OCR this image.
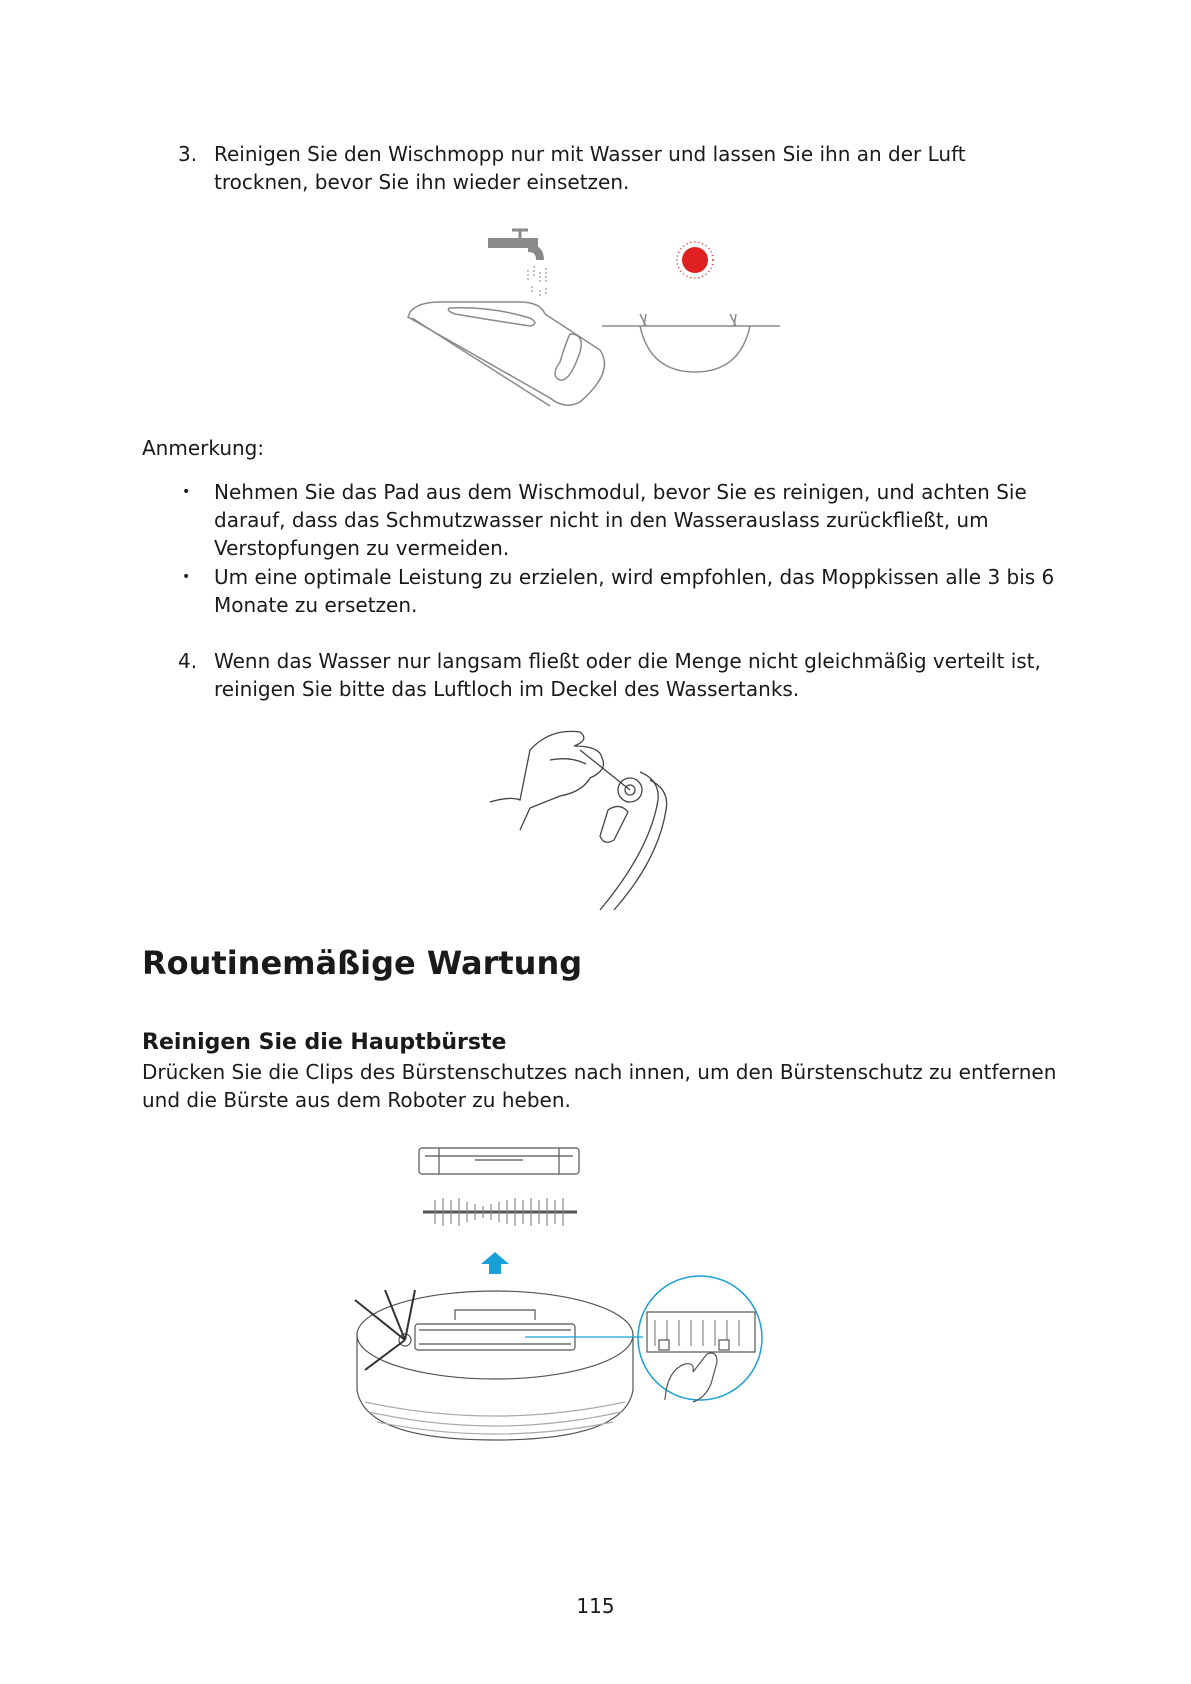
3. Reinigen Sie den Wischmopp nur mit Wasser und lassen Sie ihn an der Luft
trocknen, bevor Sie ihn wieder einsetzen.
Anmerkung:
• Nehmen Sie das Pad aus dem Wischmodul, bevor Sie es reinigen, und achten Sie
darauf, dass das Schmutzwasser nicht in den Wasserauslass zurückfließt, um
Verstopfungen zu vermeiden.
• Um eine optimale Leistung zu erzielen, wird empfohlen, das Moppkissen alle 3 bis 6
Monate zu ersetzen.
4. Wenn das Wasser nur langsam fließt oder die Menge nicht gleichmäßig verteilt ist,
reinigen Sie bitte das Luftloch im Deckel des Wassertanks.
Routinemäßige Wartung
Reinigen Sie die Hauptbürste
Drücken Sie die Clips des Bürstenschutzes nach innen, um den Bürstenschutz zu entfernen
und die Bürste aus dem Roboter zu heben.
115
